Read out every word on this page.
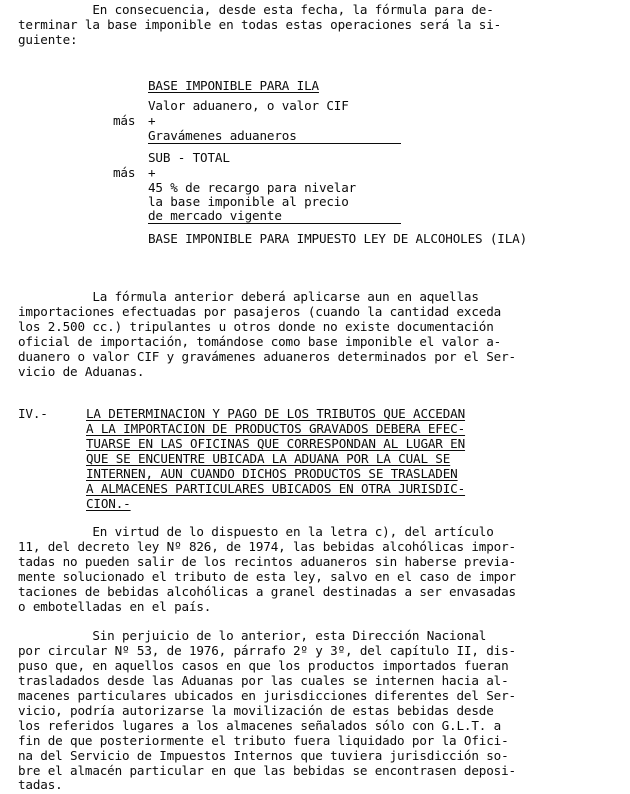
En consecuencia, desde esta fecha, la fórmula para de-
terminar la base imponible en todas estas operaciones será la si-
guiente:
BASE IMPONIBLE PARA ILA
Valor aduanero, o valor CIF
más +
Gravámenes aduaneros
SUB - TOTAL
más +
45 % de recargo para nivelar
la base imponible al precio
de mercado vigente
BASE IMPONIBLE PARA IMPUESTO LEY DE ALCOHOLES (ILA)
La fórmula anterior deberá aplicarse aun en aquellas
importaciones efectuadas por pasajeros (cuando la cantidad exceda
los 2.500 cc.) tripulantes u otros donde no existe documentación
oficial de importación, tomándose como base imponible el valor a-
duanero o valor CIF y gravámenes aduaneros determinados por el Ser-
vicio de Aduanas.
IV.-	LA DETERMINACION Y PAGO DE LOS TRIBUTOS QUE ACCEDAN
A LA IMPORTACION DE PRODUCTOS GRAVADOS DEBERA EFEC-
TUARSE EN LAS OFICINAS QUE CORRESPONDAN AL LUGAR EN
QUE SE ENCUENTRE UBICADA LA ADUANA POR LA CUAL SE
INTERNEN, AUN CUANDO DICHOS PRODUCTOS SE TRASLADEN
A ALMACENES PARTICULARES UBICADOS EN OTRA JURISDIC-
CION.-
En virtud de lo dispuesto en la letra c), del artículo
11, del decreto ley Nº 826, de 1974, las bebidas alcohólicas impor-
tadas no pueden salir de los recintos aduaneros sin haberse previa-
mente solucionado el tributo de esta ley, salvo en el caso de impor
taciones de bebidas alcohólicas a granel destinadas a ser envasadas
o embotelladas en el país.
Sin perjuicio de lo anterior, esta Dirección Nacional
por circular Nº 53, de 1976, párrafo 2º y 3º, del capítulo II, dis-
puso que, en aquellos casos en que los productos importados fueran
trasladados desde las Aduanas por las cuales se internen hacia al-
macenes particulares ubicados en jurisdicciones diferentes del Ser-
vicio, podría autorizarse la movilización de estas bebidas desde
los referidos lugares a los almacenes señalados sólo con G.L.T. a
fin de que posteriormente el tributo fuera liquidado por la Ofici-
na del Servicio de Impuestos Internos que tuviera jurisdicción so-
bre el almacén particular en que las bebidas se encontrasen deposi-
tadas.
